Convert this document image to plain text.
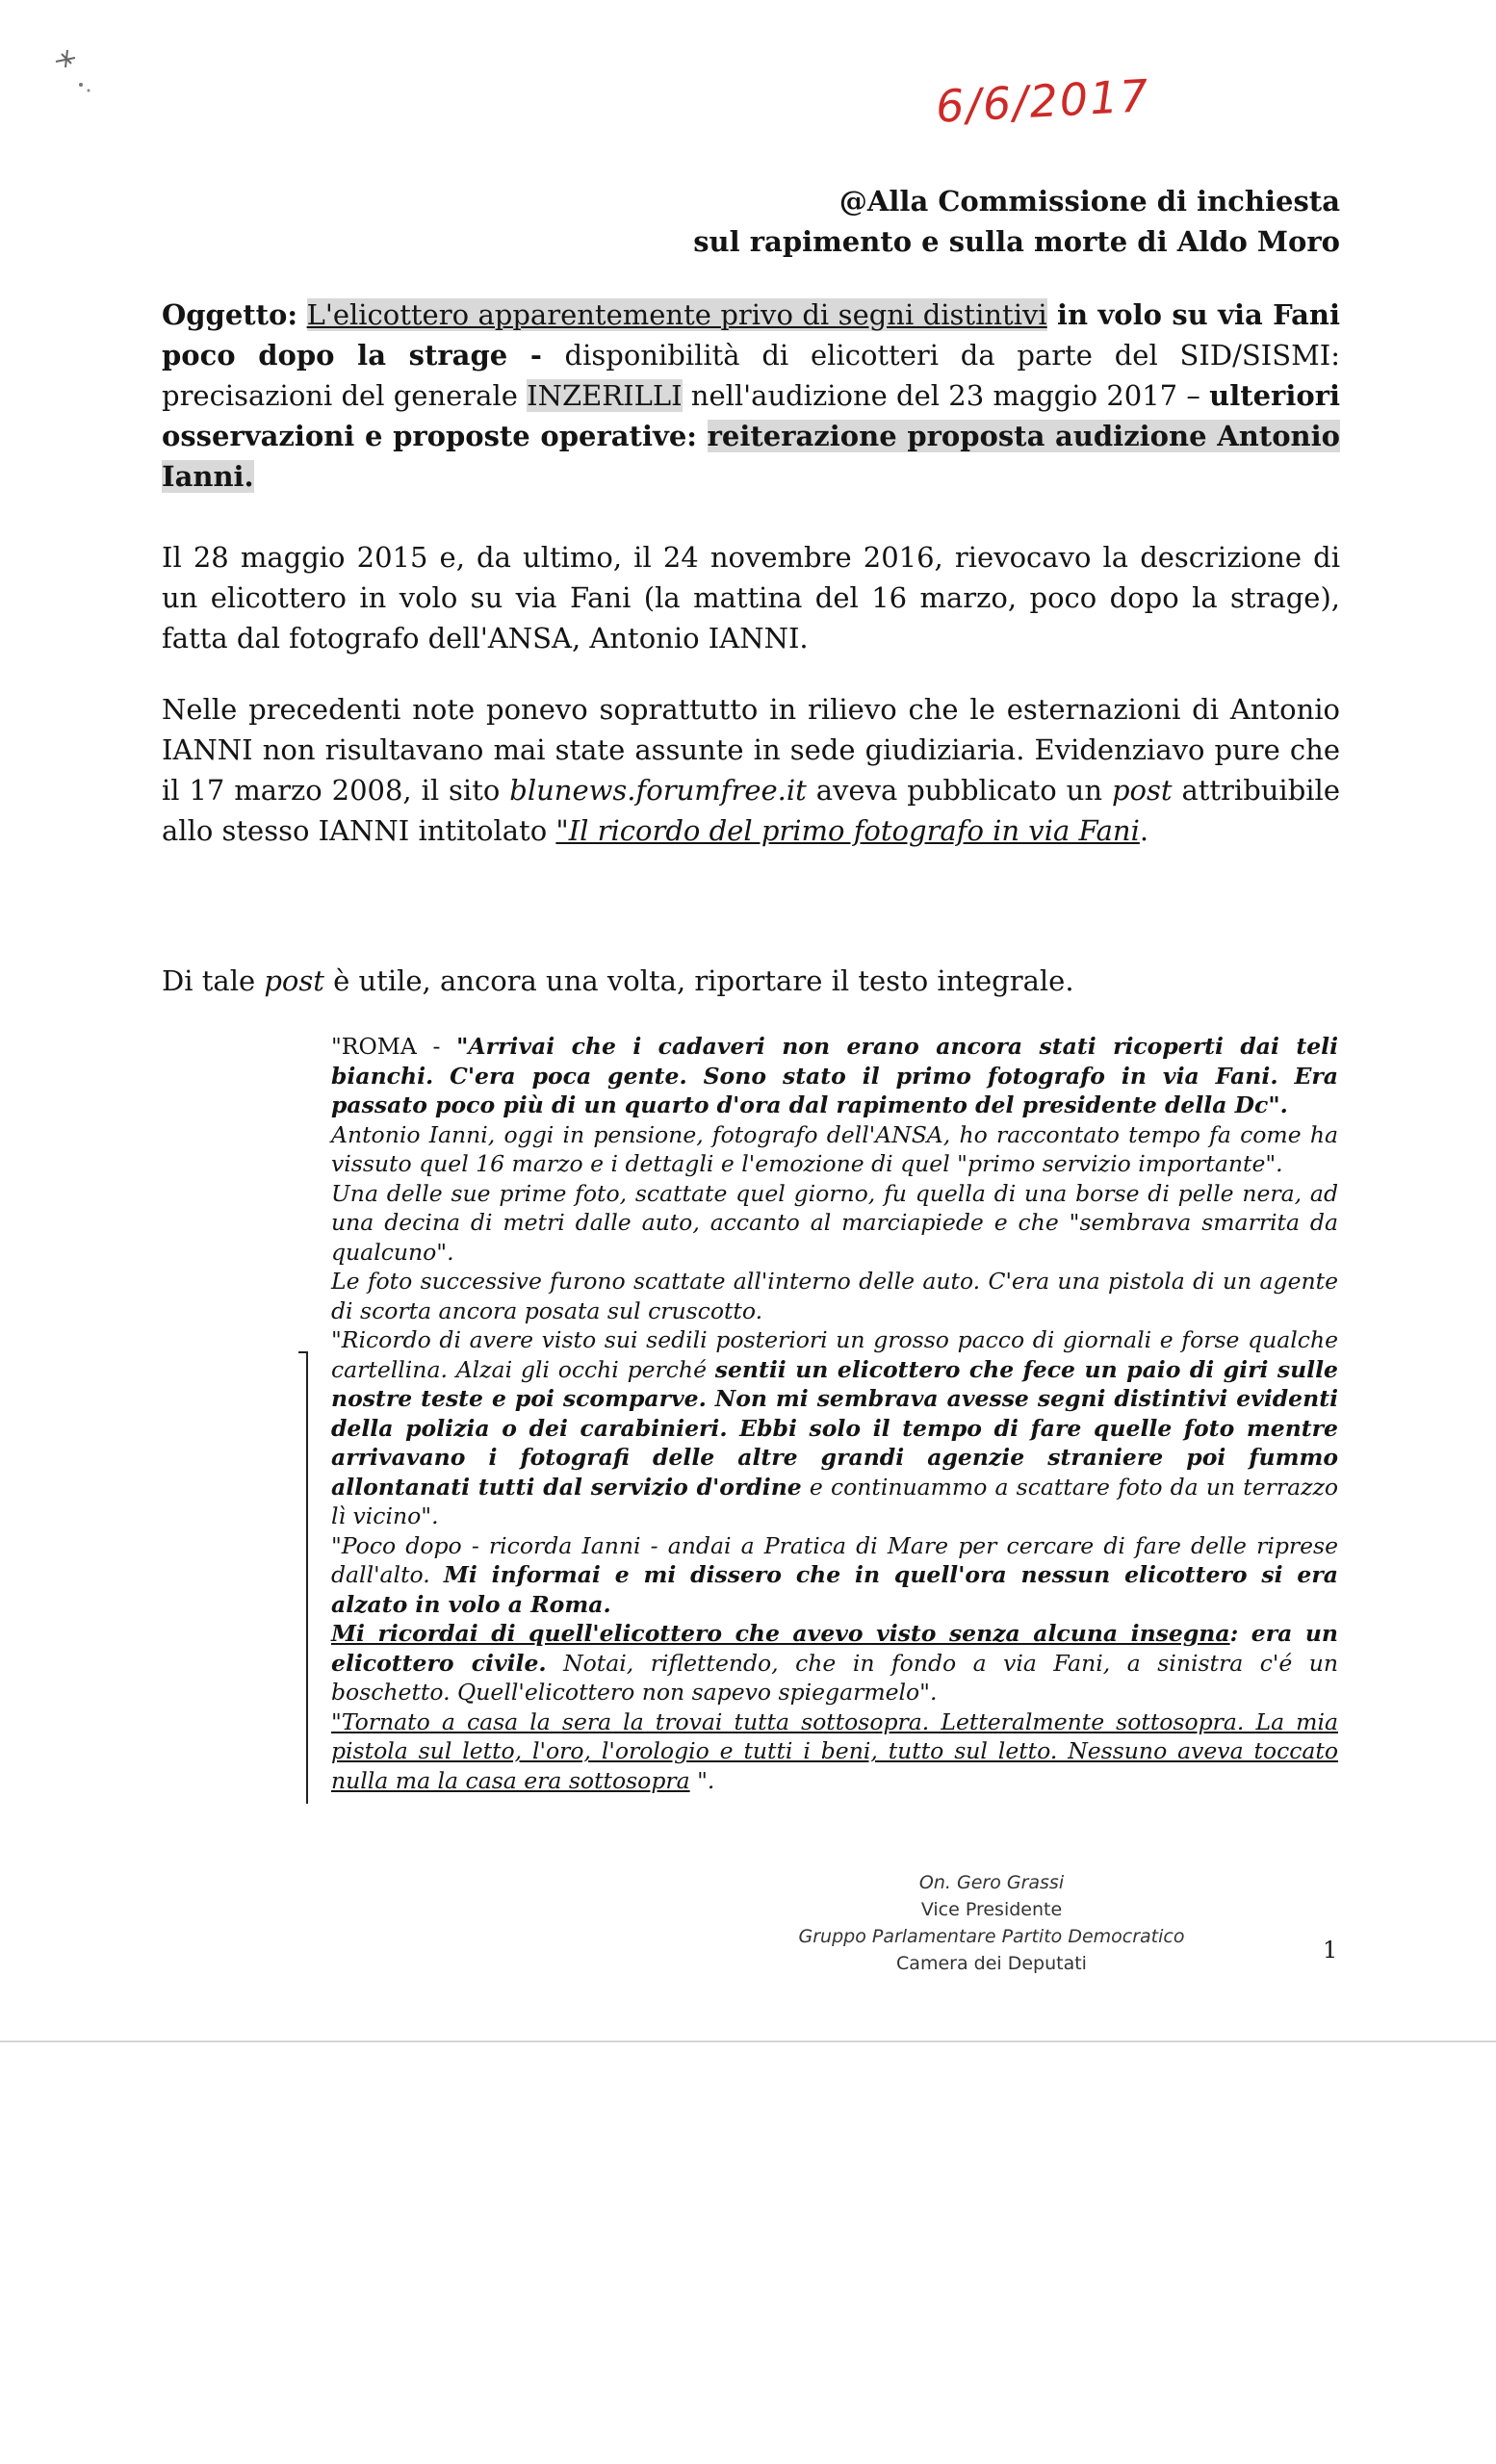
6/6/2017
@Alla Commissione di inchiesta
sul rapimento e sulla morte di Aldo Moro
Oggetto: L'elicottero apparentemente privo di segni distintivi in volo su via Fani poco dopo la strage - disponibilità di elicotteri da parte del SID/SISMI: precisazioni del generale INZERILLI nell'audizione del 23 maggio 2017 – ulteriori osservazioni e proposte operative: reiterazione proposta audizione Antonio Ianni.
Il 28 maggio 2015 e, da ultimo, il 24 novembre 2016, rievocavo la descrizione di un elicottero in volo su via Fani (la mattina del 16 marzo, poco dopo la strage), fatta dal fotografo dell'ANSA, Antonio IANNI.
Nelle precedenti note ponevo soprattutto in rilievo che le esternazioni di Antonio IANNI non risultavano mai state assunte in sede giudiziaria. Evidenziavo pure che il 17 marzo 2008, il sito blunews.forumfree.it aveva pubblicato un post attribuibile allo stesso IANNI intitolato "Il ricordo del primo fotografo in via Fani.
Di tale post è utile, ancora una volta, riportare il testo integrale.

"ROMA - "Arrivai che i cadaveri non erano ancora stati ricoperti dai teli bianchi. C'era poca gente. Sono stato il primo fotografo in via Fani. Era passato poco più di un quarto d'ora dal rapimento del presidente della Dc".

Antonio Ianni, oggi in pensione, fotografo dell'ANSA, ho raccontato tempo fa come ha vissuto quel 16 marzo e i dettagli e l'emozione di quel "primo servizio importante".

Una delle sue prime foto, scattate quel giorno, fu quella di una borse di pelle nera, ad una decina di metri dalle auto, accanto al marciapiede e che "sembrava smarrita da qualcuno".

Le foto successive furono scattate all'interno delle auto. C'era una pistola di un agente di scorta ancora posata sul cruscotto.

"Ricordo di avere visto sui sedili posteriori un grosso pacco di giornali e forse qualche cartellina. Alzai gli occhi perché sentii un elicottero che fece un paio di giri sulle nostre teste e poi scomparve. Non mi sembrava avesse segni distintivi evidenti della polizia o dei carabinieri. Ebbi solo il tempo di fare quelle foto mentre arrivavano i fotografi delle altre grandi agenzie straniere poi fummo allontanati tutti dal servizio d'ordine e continuammo a scattare foto da un terrazzo lì vicino".

"Poco dopo - ricorda Ianni - andai a Pratica di Mare per cercare di fare delle riprese dall'alto. Mi informai e mi dissero che in quell'ora nessun elicottero si era alzato in volo a Roma.

Mi ricordai di quell'elicottero che avevo visto senza alcuna insegna: era un elicottero civile. Notai, riflettendo, che in fondo a via Fani, a sinistra c'é un boschetto. Quell'elicottero non sapevo spiegarmelo".

"Tornato a casa la sera la trovai tutta sottosopra. Letteralmente sottosopra. La mia pistola sul letto, l'oro, l'orologio e tutti i beni, tutto sul letto. Nessuno aveva toccato nulla ma la casa era sottosopra ".

On. Gero Grassi
Vice Presidente
Gruppo Parlamentare Partito Democratico
Camera dei Deputati	1
